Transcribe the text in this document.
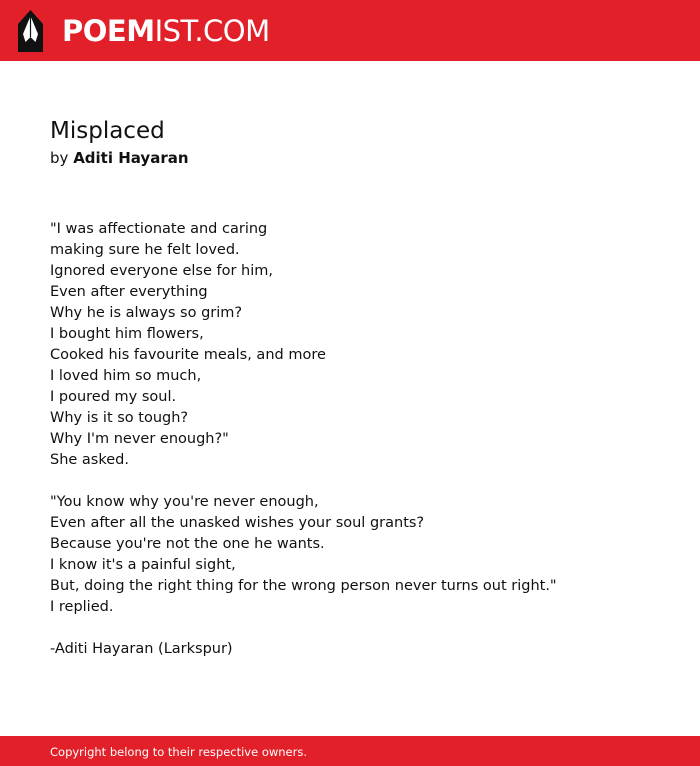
POEMIST.COM
Misplaced
by Aditi Hayaran
"I was affectionate and caring
making sure he felt loved.
Ignored everyone else for him,
Even after everything
Why he is always so grim?
I bought him flowers,
Cooked his favourite meals, and more
I loved him so much,
I poured my soul.
Why is it so tough?
Why I'm never enough?"
She asked.
"You know why you're never enough,
Even after all the unasked wishes your soul grants?
Because you're not the one he wants.
I know it's a painful sight,
But, doing the right thing for the wrong person never turns out right."
I replied.
-Aditi Hayaran (Larkspur)
Copyright belong to their respective owners.
